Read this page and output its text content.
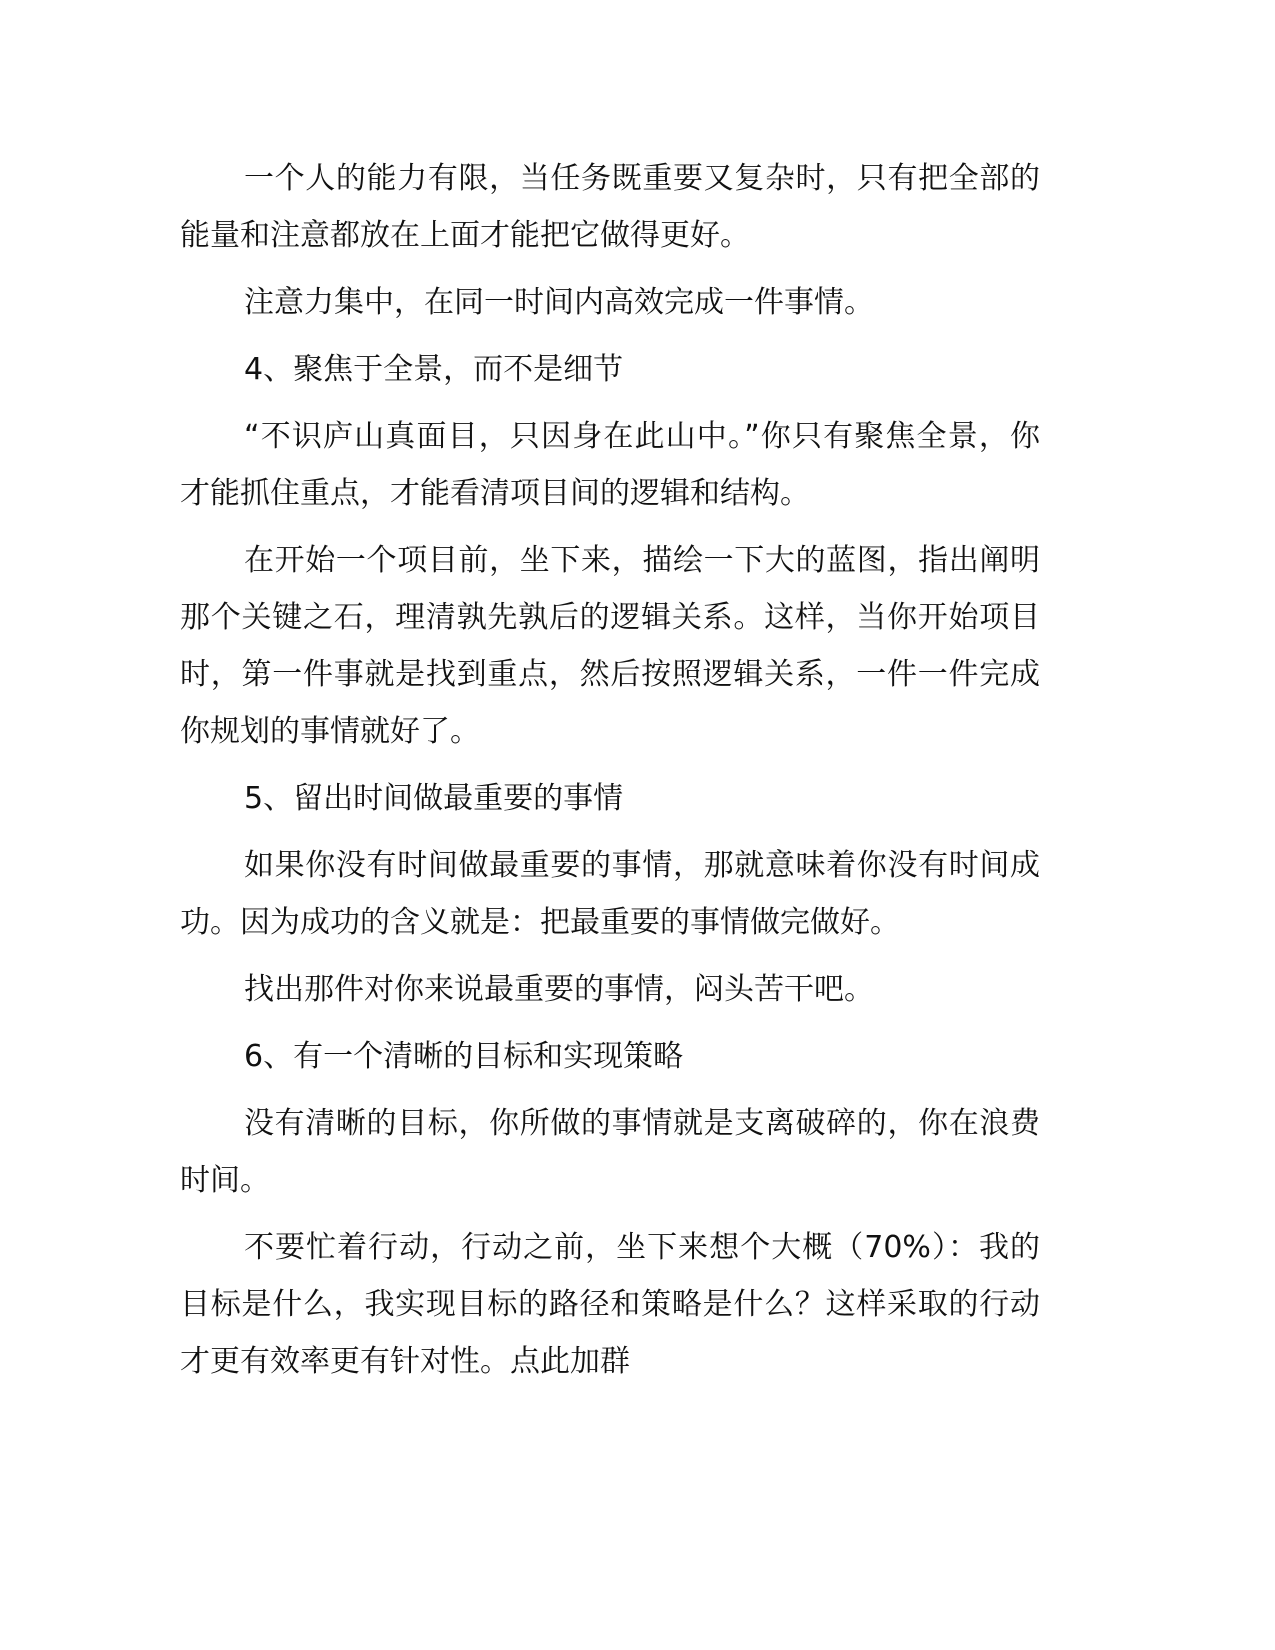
一个人的能力有限，当任务既重要又复杂时，只有把全部的能量和注意都放在上面才能把它做得更好。

注意力集中，在同一时间内高效完成一件事情。

4、聚焦于全景，而不是细节

“不识庐山真面目，只因身在此山中。”你只有聚焦全景，你才能抓住重点，才能看清项目间的逻辑和结构。

在开始一个项目前，坐下来，描绘一下大的蓝图，指出阐明那个关键之石，理清孰先孰后的逻辑关系。这样，当你开始项目时，第一件事就是找到重点，然后按照逻辑关系，一件一件完成你规划的事情就好了。

5、留出时间做最重要的事情

如果你没有时间做最重要的事情，那就意味着你没有时间成功。因为成功的含义就是：把最重要的事情做完做好。

找出那件对你来说最重要的事情，闷头苦干吧。

6、有一个清晰的目标和实现策略

没有清晰的目标，你所做的事情就是支离破碎的，你在浪费时间。

不要忙着行动，行动之前，坐下来想个大概（70%）：我的目标是什么，我实现目标的路径和策略是什么？这样采取的行动才更有效率更有针对性。点此加群
